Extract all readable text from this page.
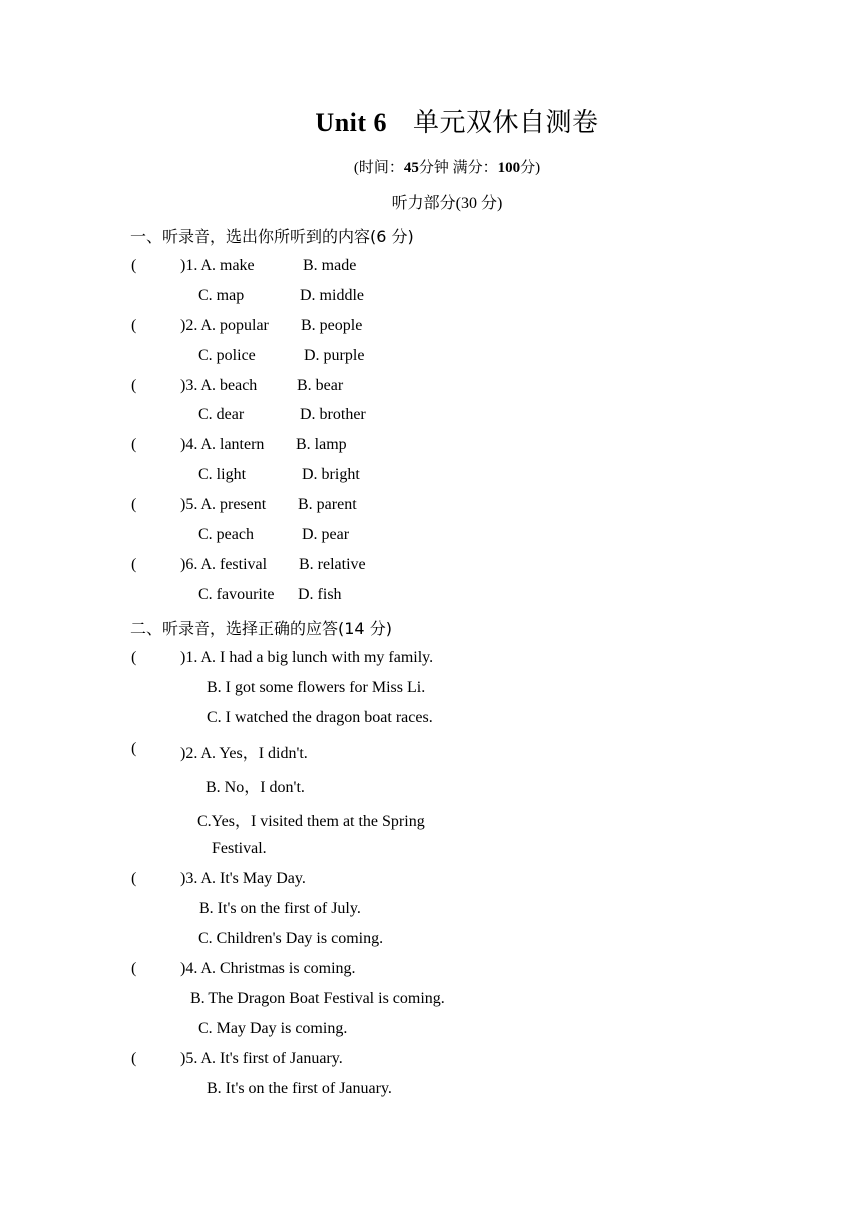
Unit 6 单元双休自测卷
(时间：45分钟 满分：100分)
听力部分(30 分)
一、听录音，选出你所听到的内容(6 分)
(	)1. A. make	B. made
C. map	D. middle
(	)2. A. popular B. people
C. police	D. purple
(	)3. A. beach B. bear
C. dear	D. brother
(	)4. A. lantern B. lamp
C. light	D. bright
(	)5. A. present B. parent
C. peach	D. pear
(	)6. A. festival B. relative
C. favourite D. fish
二、听录音，选择正确的应答(14 分)
(	)1. A. I had a big lunch with my family.
B. I got some flowers for Miss Li.
C. I watched the dragon boat races.
(	)2. A. Yes，I didn't.
B. No，I don't.
C.Yes，I visited them at the Spring
Festival.
(	)3. A. It's May Day.
B. It's on the first of July.
C. Children's Day is coming.
(	)4. A. Christmas is coming.
B. The Dragon Boat Festival is coming.
C. May Day is coming.
(	)5. A. It's first of January.
B. It's on the first of January.
